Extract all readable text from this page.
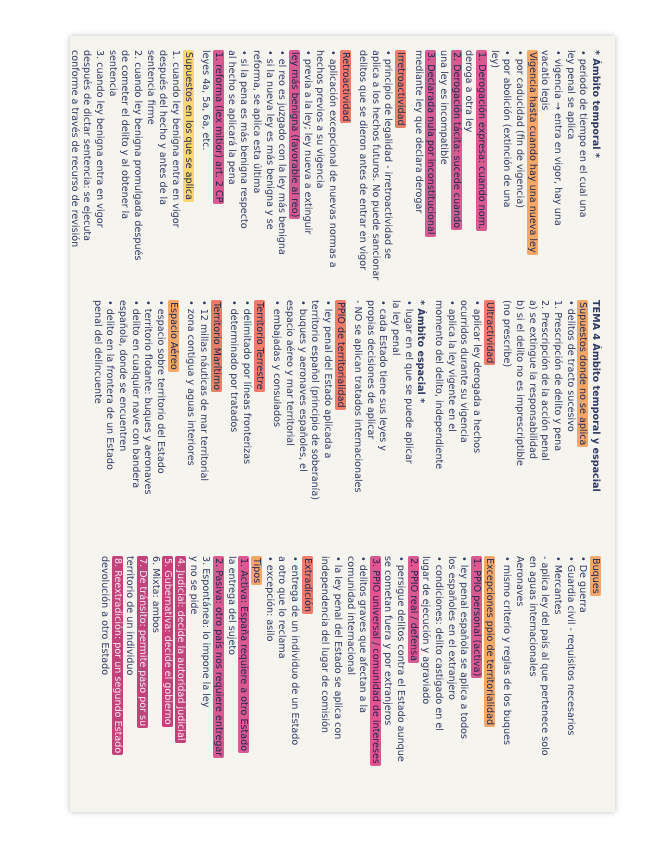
* Ámbito temporal *
• periodo de tiempo en el cual una
ley penal se aplica
• vigencia → entra en vigor, hay una
vacatio legis
Vigencia hasta cuando hay una nueva ley
• por caducidad (fin de vigencia)
• por abolición (extinción de una
ley)
1. Derogación expresa: cuando nom.
deroga a otra ley
2. Derogación tácita: sucede cuando
una ley es incompatible
3. Declarada nula por inconstitucional
mediante ley que declara derogar
Irretroactividad
• principio de legalidad - irretroactividad se
aplica a los hechos futuros. No puede sancionar
delitos que se dieron antes de entrar en vigor
Retroactividad
• aplicación excepcional de nuevas normas a
hechos previos a su vigencia
• previa a la ley; ley nueva a extinguir
ley más benigna (favorable al reo)
• el reo es juzgado con la ley más benigna
• si la nueva ley es más benigna y se
reforma, se aplica esta última
• si la pena es más benigna respecto
al hecho se aplicará la pena
1. reforma (lex mitior) art. 2 CP
leyes 4a, 5a, 6a, etc.
Supuestos en los que se aplica
1. cuando ley benigna entra en vigor
después del hecho y antes de la
sentencia firme
2. cuando ley benigna promulgada después
de cometer el delito y al obtener la
sentencia
3. cuando ley benigna entra en vigor
después de dictar sentencia: se ejecuta
conforme a través de recurso de revisión
TEMA 4 Ámbito temporal y espacial
Supuestos donde no se aplica
• delitos de tracto sucesivo
1. Prescripción de delito y pena
2. Prescripción de la acción penal
a) se extingue la responsabilidad
b) si el delito no es imprescriptible
(no prescribe)
Ultractividad
• aplicar ley derogada a hechos
ocurridos durante su vigencia
• aplica la ley vigente en el
momento del delito, independiente
* Ámbito espacial *
• lugar en el que se puede aplicar
la ley penal
• cada Estado tiene sus leyes y
propias decisiones de aplicar
- NO se aplican tratados internacionales
PPIO de territorialidad
• ley penal del Estado aplicada a
territorio español (principio de soberanía)
• buques y aeronaves españoles, el
espacio aéreo y mar territorial
• embajadas y consulados
Territorio Terrestre
• delimitado por líneas fronterizas
• determinado por tratados
Territorio Marítimo
• 12 millas náuticas de mar territorial
• zona contigua y aguas interiores
Espacio Aéreo
• espacio sobre territorio del Estado
• territorio flotante: buques y aeronaves
• delito en cualquier nave con bandera
española, donde se encuentren
• delito en la frontera de un Estado
penal del delincuente
Buques
• De guerra
• Guardia civil - requisitos necesarios
• Mercantes
- aplica ley del país al que pertenece solo
en aguas internacionales
Aeronaves
• mismo criterio y reglas de los buques
Excepciones ppio de territorialidad
1. PPIO personal (activa)
• ley penal española se aplica a todos
los españoles en el extranjero
• condiciones: delito castigado en el
lugar de ejecución y agraviado
2. PPIO real / defensa
• persigue delitos contra el Estado aunque
se cometan fuera y por extranjeros
3. PPIO universal / comunidad de intereses
• delitos graves que afectan a la
comunidad internacional
• la ley penal del Estado se aplica con
independencia del lugar de comisión
Extradición
• entrega de un individuo de un Estado
a otro que lo reclama
• excepción: asilo
Tipos
1. Activa: España requiere a otro Estado
la entrega del sujeto
2. Pasiva: otro país nos requiere entregar
3. Espontánea: lo impone la ley
y no se pide
4. Judicial: decide la autoridad judicial
5. Gubernativa: decide el gobierno
6. Mixta: ambos
7. De tránsito: permite paso por su
territorio de un individuo
8. Reextradición: por un segundo Estado
devolución a otro Estado
